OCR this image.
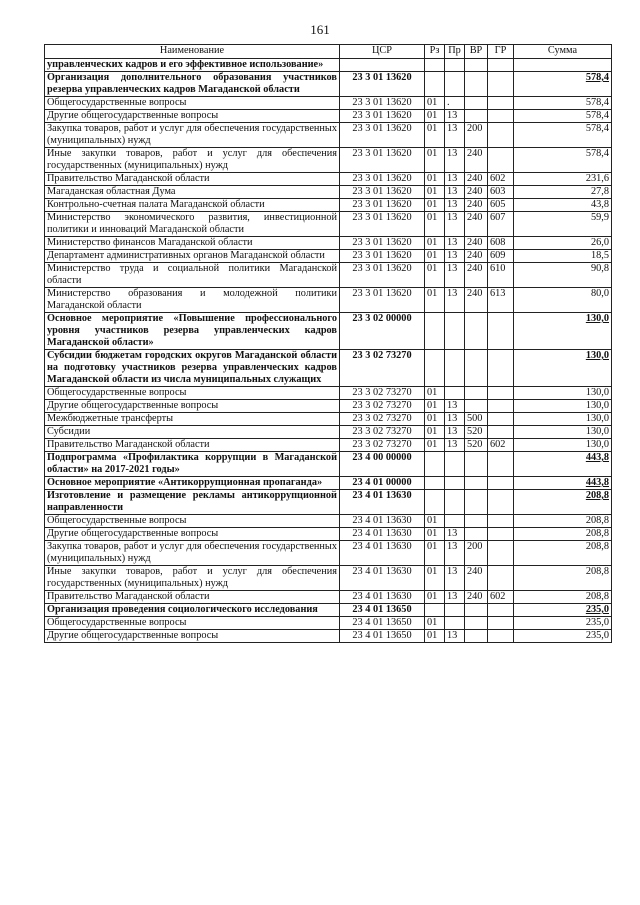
161
Наименование	ЦСР	Рз	Пр	ВР	ГР	Сумма
управленческих кадров и его эффективное использование»						
Организация дополнительного образования участников резерва управленческих кадров Магаданской области	23 3 01 13620					578,4
Общегосударственные вопросы	23 3 01 13620	01	.			578,4
Другие общегосударственные вопросы	23 3 01 13620	01	13			578,4
Закупка товаров, работ и услуг для обеспечения государственных (муниципальных) нужд	23 3 01 13620	01	13	200		578,4
Иные закупки товаров, работ и услуг для обеспечения государственных (муниципальных) нужд	23 3 01 13620	01	13	240		578,4
Правительство Магаданской области	23 3 01 13620	01	13	240	602	231,6
Магаданская областная Дума	23 3 01 13620	01	13	240	603	27,8
Контрольно-счетная палата Магаданской области	23 3 01 13620	01	13	240	605	43,8
Министерство экономического развития, инвестиционной политики и инноваций Магаданской области	23 3 01 13620	01	13	240	607	59,9
Министерство финансов Магаданской области	23 3 01 13620	01	13	240	608	26,0
Департамент административных органов Магаданской области	23 3 01 13620	01	13	240	609	18,5
Министерство труда и социальной политики Магаданской области	23 3 01 13620	01	13	240	610	90,8
Министерство образования и молодежной политики Магаданской области	23 3 01 13620	01	13	240	613	80,0
Основное мероприятие «Повышение профессионального уровня участников резерва управленческих кадров Магаданской области»	23 3 02 00000					130,0
Субсидии бюджетам городских округов Магаданской области на подготовку участников резерва управленческих кадров Магаданской области из числа муниципальных служащих	23 3 02 73270					130,0
Общегосударственные вопросы	23 3 02 73270	01				130,0
Другие общегосударственные вопросы	23 3 02 73270	01	13			130,0
Межбюджетные трансферты	23 3 02 73270	01	13	500		130,0
Субсидии	23 3 02 73270	01	13	520		130,0
Правительство Магаданской области	23 3 02 73270	01	13	520	602	130,0
Подпрограмма «Профилактика коррупции в Магаданской области» на 2017-2021 годы»	23 4 00 00000					443,8
Основное мероприятие «Антикоррупционная пропаганда»	23 4 01 00000					443,8
Изготовление и размещение рекламы антикоррупционной направленности	23 4 01 13630					208,8
Общегосударственные вопросы	23 4 01 13630	01				208,8
Другие общегосударственные вопросы	23 4 01 13630	01	13			208,8
Закупка товаров, работ и услуг для обеспечения государственных (муниципальных) нужд	23 4 01 13630	01	13	200		208,8
Иные закупки товаров, работ и услуг для обеспечения государственных (муниципальных) нужд	23 4 01 13630	01	13	240		208,8
Правительство Магаданской области	23 4 01 13630	01	13	240	602	208,8
Организация проведения социологического исследования	23 4 01 13650					235,0
Общегосударственные вопросы	23 4 01 13650	01				235,0
Другие общегосударственные вопросы	23 4 01 13650	01	13			235,0
